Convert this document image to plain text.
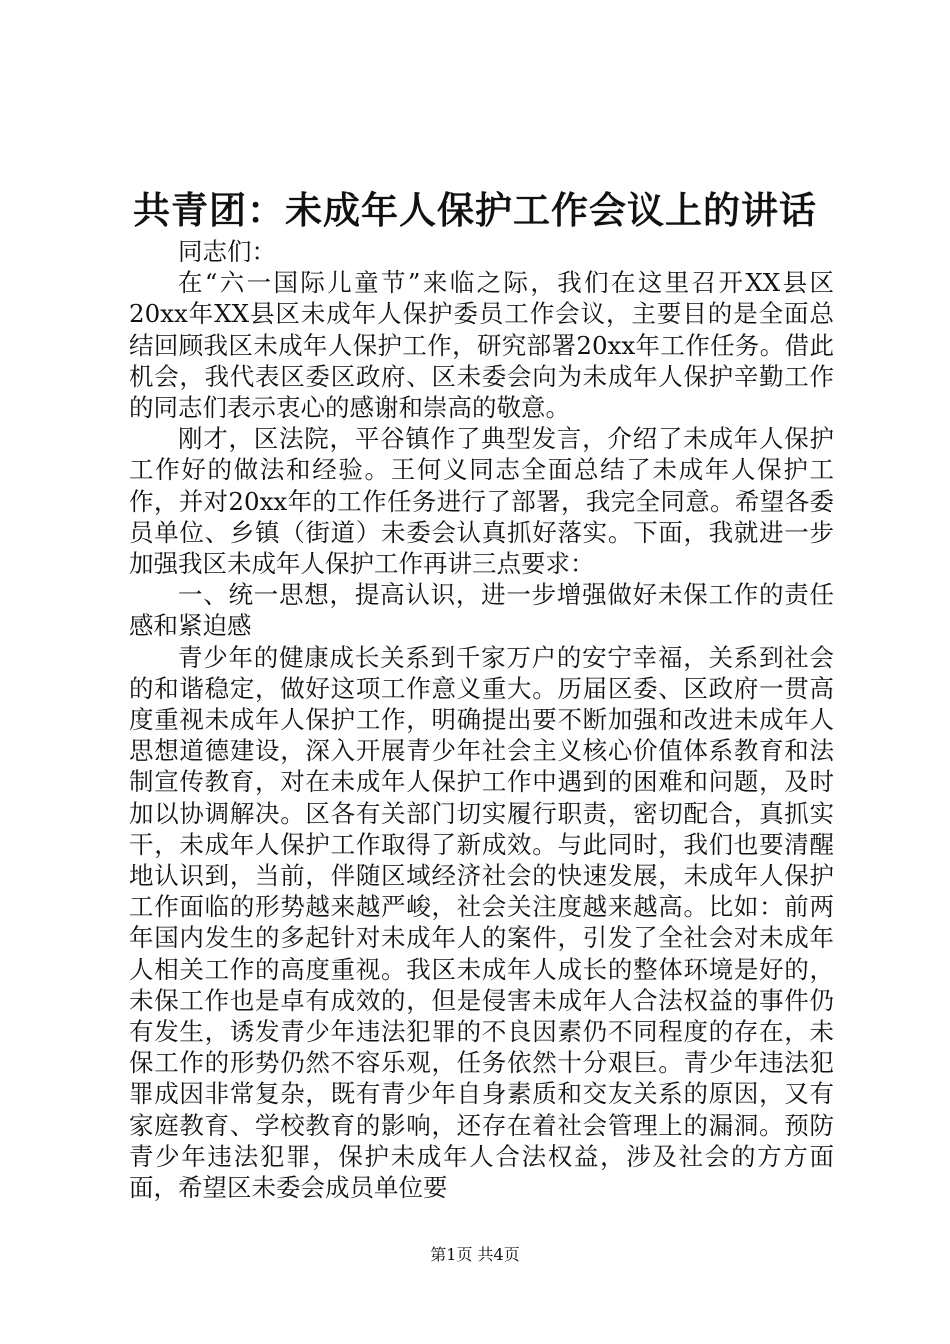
共青团：未成年人保护工作会议上的讲话

同志们：

在“六一国际儿童节”来临之际，我们在这里召开XX县区20xx年XX县区未成年人保护委员工作会议，主要目的是全面总结回顾我区未成年人保护工作，研究部署20xx年工作任务。借此机会，我代表区委区政府、区未委会向为未成年人保护辛勤工作的同志们表示衷心的感谢和崇高的敬意。

刚才，区法院，平谷镇作了典型发言，介绍了未成年人保护工作好的做法和经验。王何义同志全面总结了未成年人保护工作，并对20xx年的工作任务进行了部署，我完全同意。希望各委员单位、乡镇（街道）未委会认真抓好落实。下面，我就进一步加强我区未成年人保护工作再讲三点要求：

一、统一思想，提高认识，进一步增强做好未保工作的责任感和紧迫感

青少年的健康成长关系到千家万户的安宁幸福，关系到社会的和谐稳定，做好这项工作意义重大。历届区委、区政府一贯高度重视未成年人保护工作，明确提出要不断加强和改进未成年人思想道德建设，深入开展青少年社会主义核心价值体系教育和法制宣传教育，对在未成年人保护工作中遇到的困难和问题，及时加以协调解决。区各有关部门切实履行职责，密切配合，真抓实干，未成年人保护工作取得了新成效。与此同时，我们也要清醒地认识到，当前，伴随区域经济社会的快速发展，未成年人保护工作面临的形势越来越严峻，社会关注度越来越高。比如：前两年国内发生的多起针对未成年人的案件，引发了全社会对未成年人相关工作的高度重视。我区未成年人成长的整体环境是好的，未保工作也是卓有成效的，但是侵害未成年人合法权益的事件仍有发生，诱发青少年违法犯罪的不良因素仍不同程度的存在，未保工作的形势仍然不容乐观，任务依然十分艰巨。青少年违法犯罪成因非常复杂，既有青少年自身素质和交友关系的原因，又有家庭教育、学校教育的影响，还存在着社会管理上的漏洞。预防青少年违法犯罪，保护未成年人合法权益，涉及社会的方方面面，希望区未委会成员单位要

第1页 共4页
